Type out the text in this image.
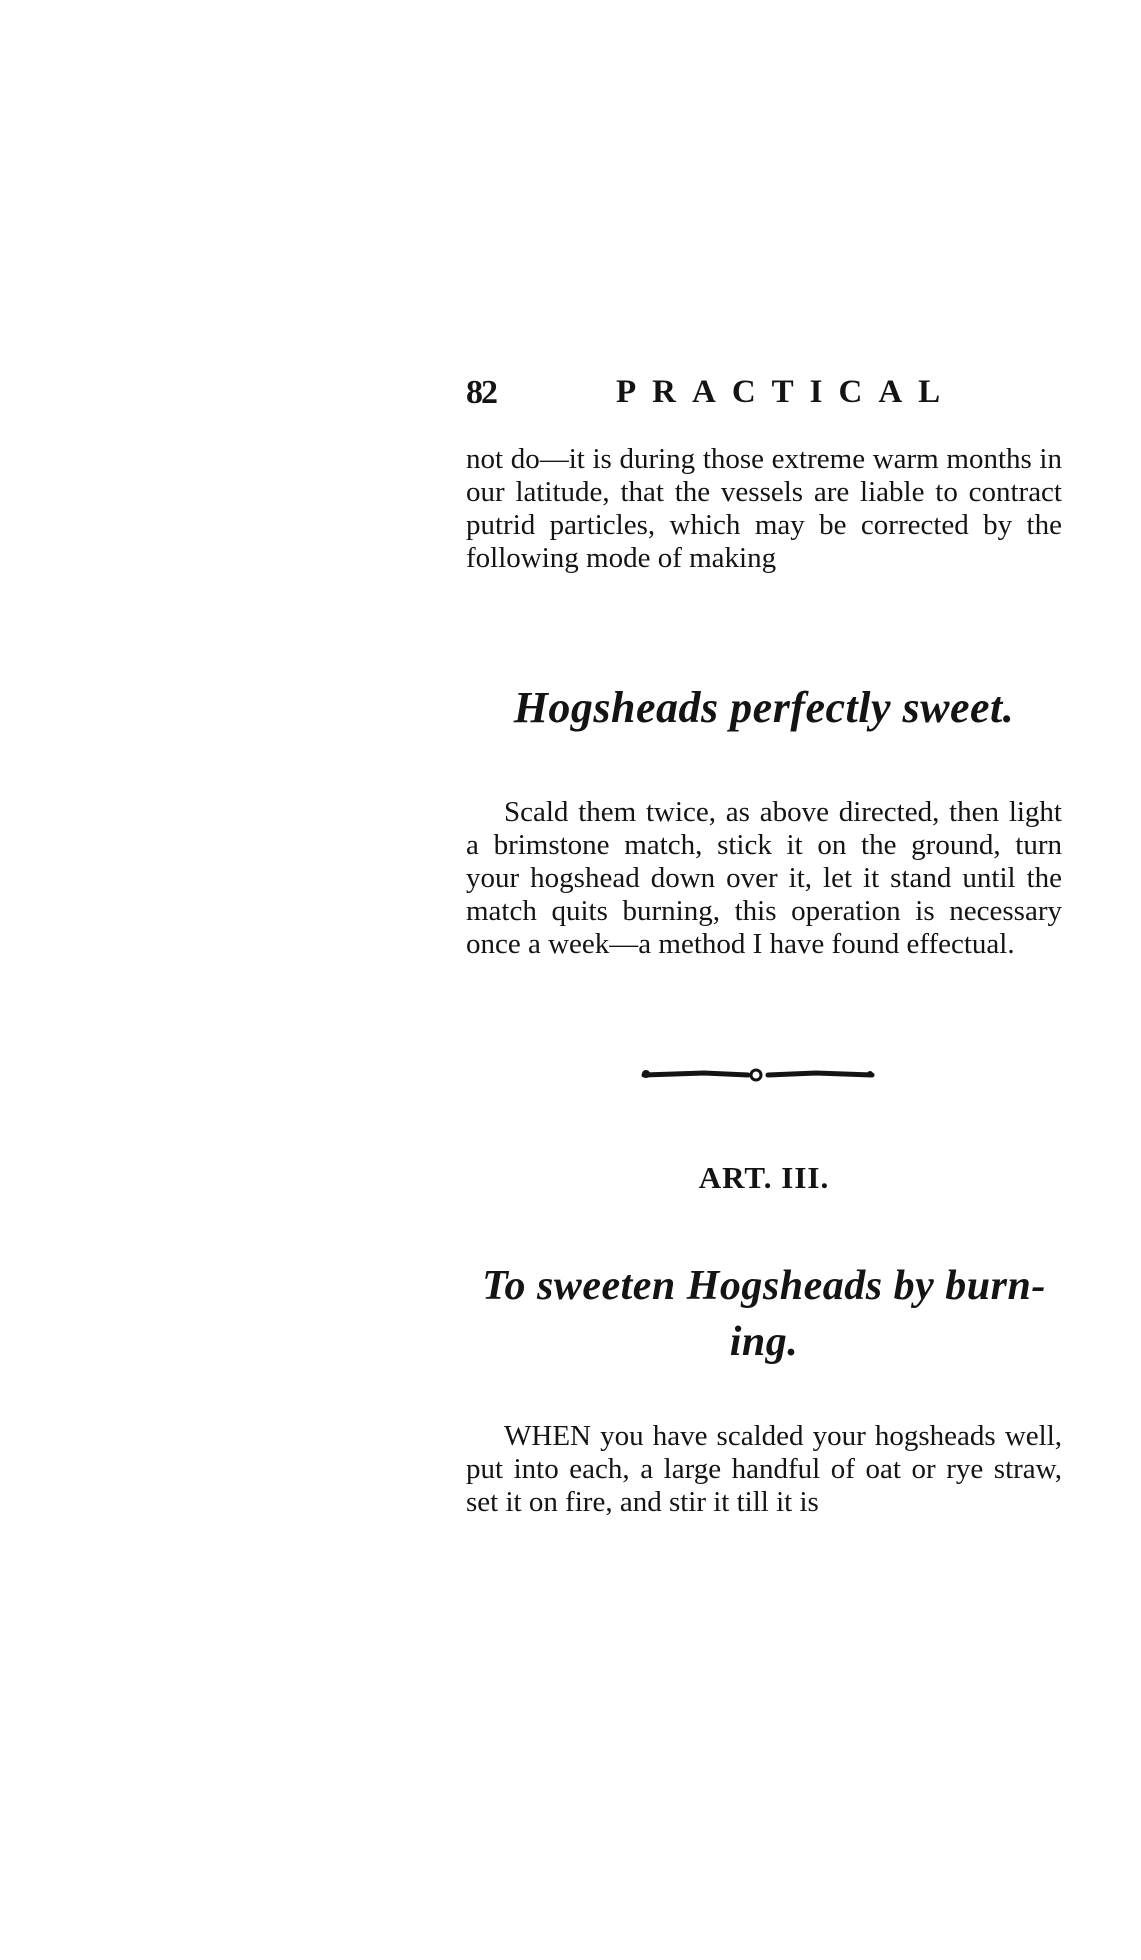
82	PRACTICAL

not do—it is during those extreme warm months in our latitude, that the vessels are liable to contract putrid particles, which may be corrected by the following mode of making

Hogsheads perfectly sweet.

Scald them twice, as above directed, then light a brimstone match, stick it on the ground, turn your hogshead down over it, let it stand until the match quits burning, this operation is necessary once a week—a method I have found effectual.

ART. III.
To sweeten Hogsheads by burn-
ing.

WHEN you have scalded your hogsheads well, put into each, a large handful of oat or rye straw, set it on fire, and stir it till it is
